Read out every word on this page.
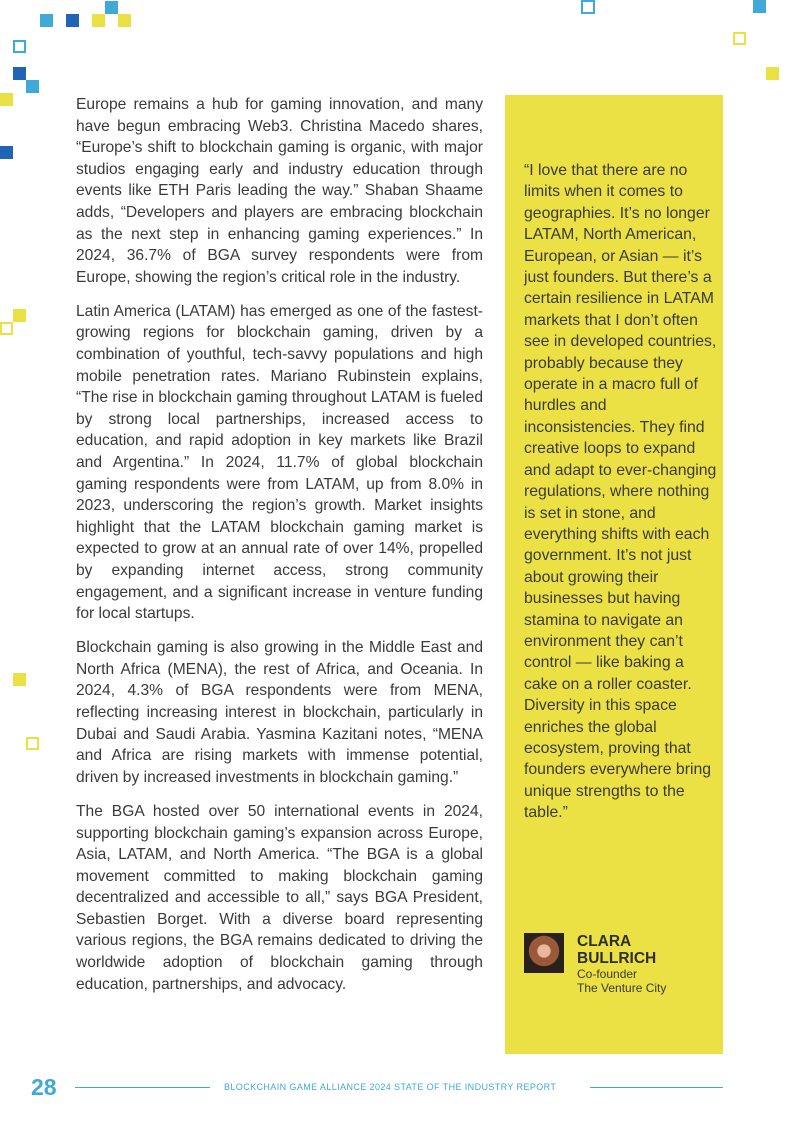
Europe remains a hub for gaming innovation, and many have begun embracing Web3. Christina Macedo shares, “Europe’s shift to blockchain gaming is organic, with major studios engaging early and industry education through events like ETH Paris leading the way.” Shaban Shaame adds, “Developers and players are embracing blockchain as the next step in enhancing gaming experiences.” In 2024, 36.7% of BGA survey respondents were from Europe, showing the region’s critical role in the industry.

Latin America (LATAM) has emerged as one of the fastest-growing regions for blockchain gaming, driven by a combination of youthful, tech-savvy populations and high mobile penetration rates. Mariano Rubinstein explains, “The rise in blockchain gaming throughout LATAM is fueled by strong local partnerships, increased access to education, and rapid adoption in key markets like Brazil and Argentina.” In 2024, 11.7% of global blockchain gaming respondents were from LATAM, up from 8.0% in 2023, underscoring the region’s growth. Market insights highlight that the LATAM blockchain gaming market is expected to grow at an annual rate of over 14%, propelled by expanding internet access, strong community engagement, and a significant increase in venture funding for local startups.

Blockchain gaming is also growing in the Middle East and North Africa (MENA), the rest of Africa, and Oceania. In 2024, 4.3% of BGA respondents were from MENA, reflecting increasing interest in blockchain, particularly in Dubai and Saudi Arabia. Yasmina Kazitani notes, “MENA and Africa are rising markets with immense potential, driven by increased investments in blockchain gaming.”

The BGA hosted over 50 international events in 2024, supporting blockchain gaming’s expansion across Europe, Asia, LATAM, and North America. “The BGA is a global movement committed to making blockchain gaming decentralized and accessible to all,” says BGA President, Sebastien Borget. With a diverse board representing various regions, the BGA remains dedicated to driving the worldwide adoption of blockchain gaming through education, partnerships, and advocacy.

“I love that there are no limits when it comes to geographies. It’s no longer LATAM, North American, European, or Asian — it’s just founders. But there’s a certain resilience in LATAM markets that I don’t often see in developed countries, probably because they operate in a macro full of hurdles and inconsistencies. They find creative loops to expand and adapt to ever-changing regulations, where nothing is set in stone, and everything shifts with each government. It’s not just about growing their businesses but having stamina to navigate an environment they can’t control — like baking a cake on a roller coaster. Diversity in this space enriches the global ecosystem, proving that founders everywhere bring unique strengths to the table.”

CLARA BULLRICH
Co-founder
The Venture City
28	BLOCKCHAIN GAME ALLIANCE 2024 STATE OF THE INDUSTRY REPORT
